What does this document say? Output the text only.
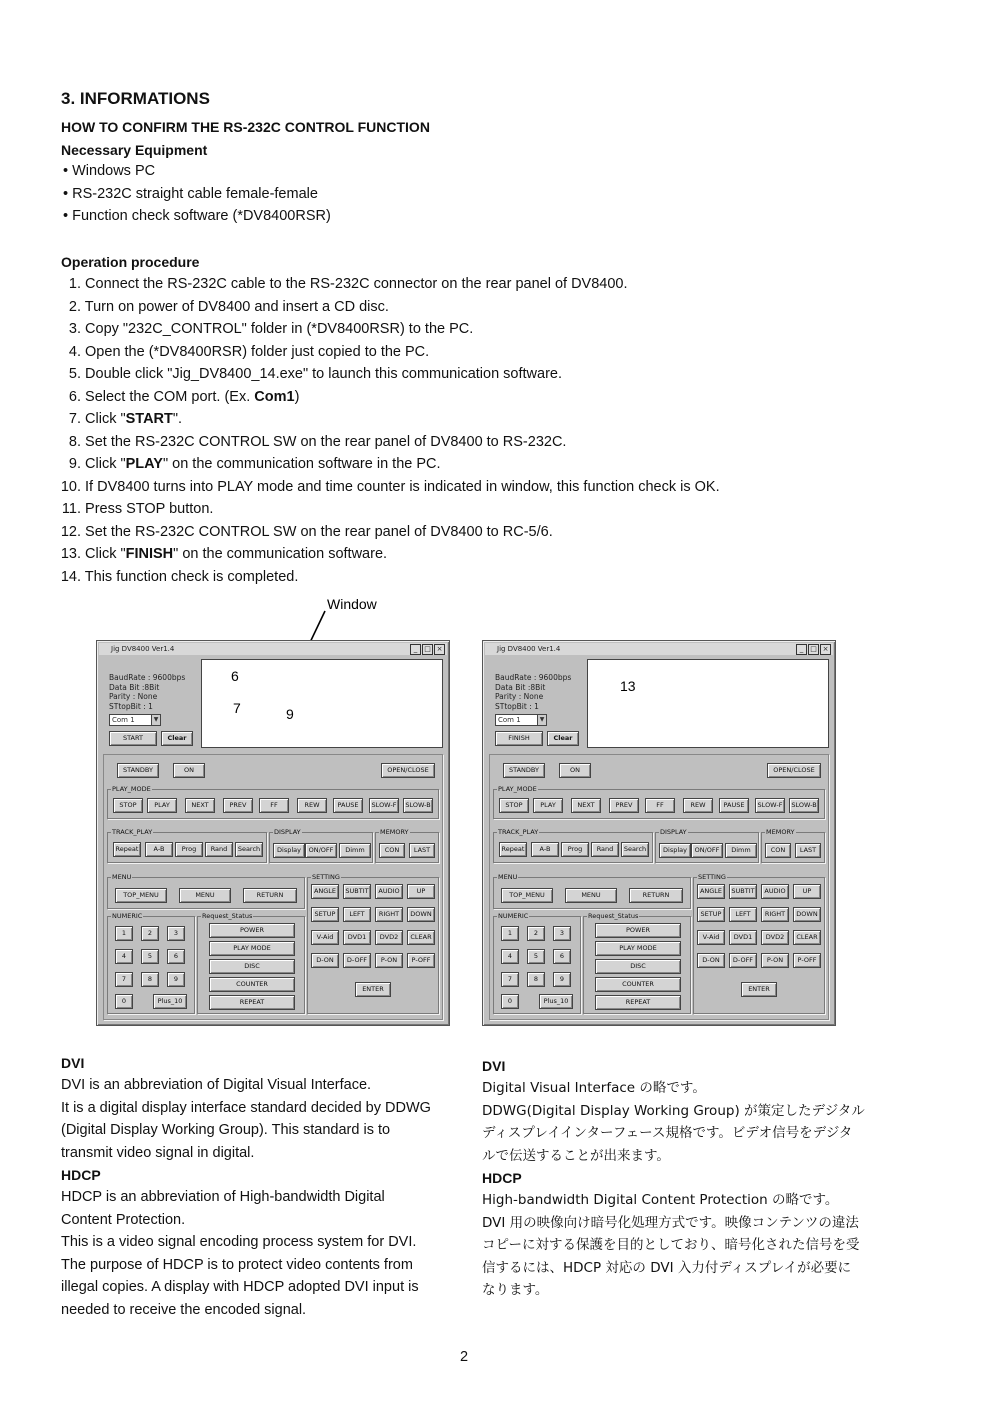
3. INFORMATIONS
HOW TO CONFIRM THE RS-232C CONTROL FUNCTION
Necessary Equipment
• Windows PC
• RS-232C straight cable female-female
• Function check software (*DV8400RSR)
Operation procedure
1. Connect the RS-232C cable to the RS-232C connector on the rear panel of DV8400.
2. Turn on power of DV8400 and insert a CD disc.
3. Copy "232C_CONTROL" folder in (*DV8400RSR) to the PC.
4. Open the (*DV8400RSR) folder just copied to the PC.
5. Double click "Jig_DV8400_14.exe" to launch this communication software.
6. Select the COM port. (Ex. Com1)
7. Click "START".
8. Set the RS-232C CONTROL SW on the rear panel of DV8400 to RS-232C.
9. Click "PLAY" on the communication software in the PC.
10. If DV8400 turns into PLAY mode and time counter is indicated in window, this function check is OK.
11. Press STOP button.
12. Set the RS-232C CONTROL SW on the rear panel of DV8400 to RC-5/6.
13. Click "FINISH" on the communication software.
14. This function check is completed.
Window
Jig DV8400 Ver1.4	_ □ ×
BaudRate : 9600bps
Data Bit :8Bit
Parity : None
STtopBit : 1
Com 1	▼
START	Clear
STANDBY	ON	OPEN/CLOSE
PLAY_MODE
STOP	PLAY	NEXT	PREV	FF	REW	PAUSE	SLOW-F	SLOW-B
TRACK_PLAY
Repeat	A-B	Prog	Rand	Search
DISPLAY
Display	ON/OFF	Dimm
MEMORY
CON	LAST
MENU
TOP_MENU	MENU	RETURN
NUMERIC
1	2	3
4	5	6
7	8	9
0	Plus_10
Request_Status
POWER
PLAY MODE
DISC
COUNTER
REPEAT
SETTING
ANGLE	SUBTIT	AUDIO	UP
SETUP	LEFT	RIGHT	DOWN
V-Aid	DVD1	DVD2	CLEAR
D-ON	D-OFF	P-ON	P-OFF
ENTER
Jig DV8400 Ver1.4	_ □ ×
BaudRate : 9600bps
Data Bit :8Bit
Parity : None
STtopBit : 1
Com 1	▼
FINISH	Clear
STANDBY	ON	OPEN/CLOSE
PLAY_MODE
STOP	PLAY	NEXT	PREV	FF	REW	PAUSE	SLOW-F	SLOW-B
TRACK_PLAY
Repeat	A-B	Prog	Rand	Search
DISPLAY
Display	ON/OFF	Dimm
MEMORY
CON	LAST
MENU
TOP_MENU	MENU	RETURN
NUMERIC
1	2	3
4	5	6
7	8	9
0	Plus_10
Request_Status
POWER
PLAY MODE
DISC
COUNTER
REPEAT
SETTING
ANGLE	SUBTIT	AUDIO	UP
SETUP	LEFT	RIGHT	DOWN
V-Aid	DVD1	DVD2	CLEAR
D-ON	D-OFF	P-ON	P-OFF
ENTER
6
7	9
13
DVI
DVI is an abbreviation of Digital Visual Interface.
It is a digital display interface standard decided by DDWG
(Digital Display Working Group). This standard is to
transmit video signal in digital.
HDCP
HDCP is an abbreviation of High-bandwidth Digital
Content Protection.
This is a video signal encoding process system for DVI.
The purpose of HDCP is to protect video contents from
illegal copies. A display with HDCP adopted DVI input is
needed to receive the encoded signal.
DVI
Digital Visual Interface の略です。
DDWG(Digital Display Working Group) が策定したデジタル
ディスプレイインターフェース規格です。ビデオ信号をデジタ
ルで伝送することが出来ます。
HDCP
High-bandwidth Digital Content Protection の略です。
DVI 用の映像向け暗号化処理方式です。映像コンテンツの違法
コピーに対する保護を目的としており、暗号化された信号を受
信するには、HDCP 対応の DVI 入力付ディスプレイが必要に
なります。
2
